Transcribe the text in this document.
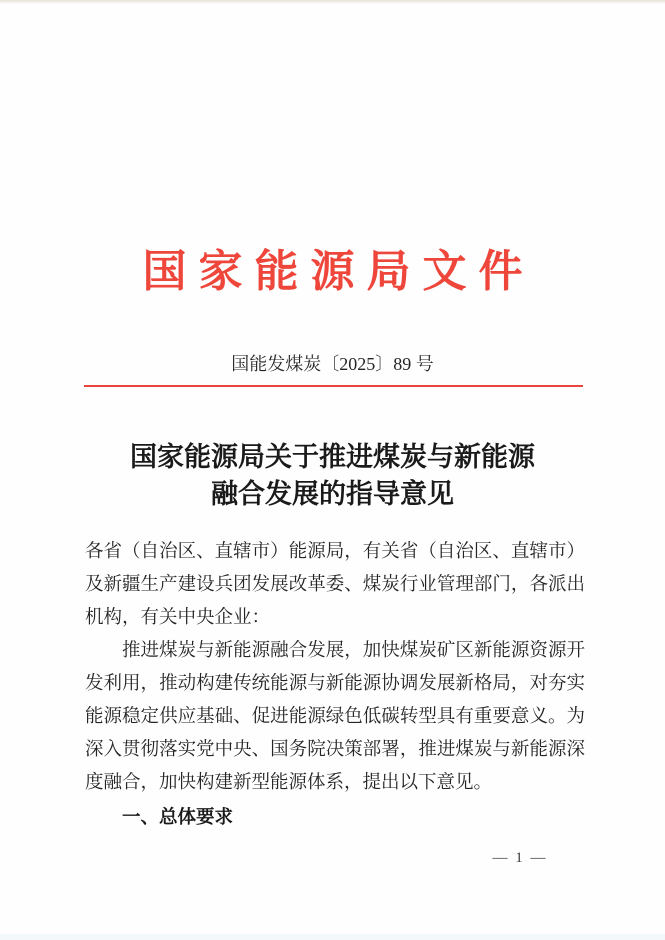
国家能源局文件
国能发煤炭〔2025〕89 号
国家能源局关于推进煤炭与新能源
融合发展的指导意见

各省（自治区、直辖市）能源局，有关省（自治区、直辖市）及新疆生产建设兵团发展改革委、煤炭行业管理部门，各派出机构，有关中央企业：

推进煤炭与新能源融合发展，加快煤炭矿区新能源资源开发利用，推动构建传统能源与新能源协调发展新格局，对夯实能源稳定供应基础、促进能源绿色低碳转型具有重要意义。为深入贯彻落实党中央、国务院决策部署，推进煤炭与新能源深度融合，加快构建新型能源体系，提出以下意见。

一、总体要求

— 1 —
